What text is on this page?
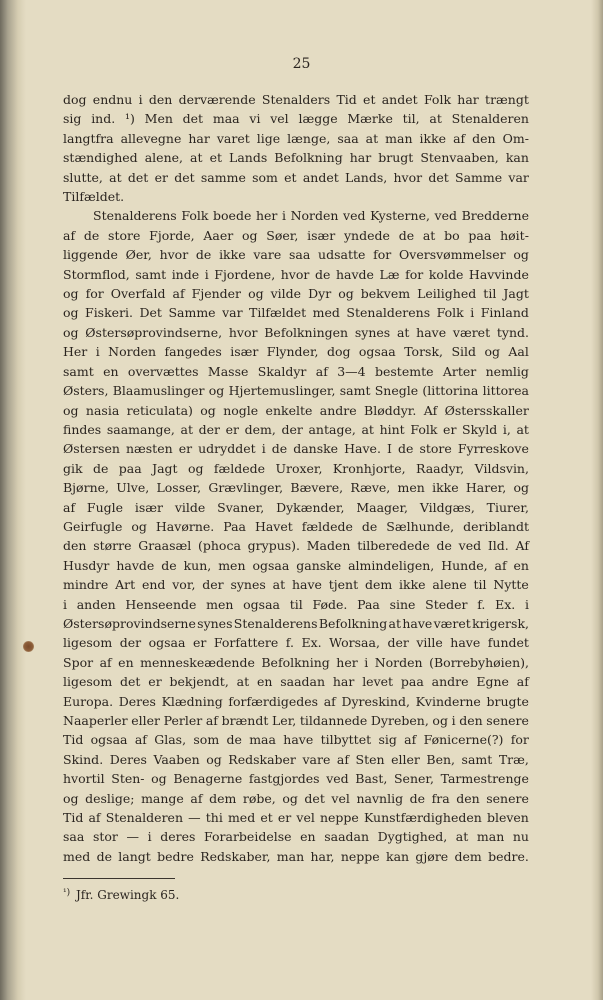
25
dog endnu i den derværende Stenalders Tid et andet Folk har trængt
sig ind. ¹) Men det maa vi vel lægge Mærke til, at Stenalderen
langtfra allevegne har varet lige længe, saa at man ikke af den Om-
stændighed alene, at et Lands Befolkning har brugt Stenvaaben, kan
slutte, at det er det samme som et andet Lands, hvor det Samme var
Tilfældet.
Stenalderens Folk boede her i Norden ved Kysterne, ved Bredderne
af de store Fjorde, Aaer og Søer, især yndede de at bo paa høit-
liggende Øer, hvor de ikke vare saa udsatte for Oversvømmelser og
Stormflod, samt inde i Fjordene, hvor de havde Læ for kolde Havvinde
og for Overfald af Fjender og vilde Dyr og bekvem Leilighed til Jagt
og Fiskeri. Det Samme var Tilfældet med Stenalderens Folk i Finland
og Østersøprovindserne, hvor Befolkningen synes at have været tynd.
Her i Norden fangedes især Flynder, dog ogsaa Torsk, Sild og Aal
samt en overvættes Masse Skaldyr af 3—4 bestemte Arter nemlig
Østers, Blaamuslinger og Hjertemuslinger, samt Snegle (littorina littorea
og nasia reticulata) og nogle enkelte andre Bløddyr. Af Østersskaller
findes saamange, at der er dem, der antage, at hint Folk er Skyld i, at
Østersen næsten er udryddet i de danske Have. I de store Fyrreskove
gik de paa Jagt og fældede Uroxer, Kronhjorte, Raadyr, Vildsvin,
Bjørne, Ulve, Losser, Grævlinger, Bævere, Ræve, men ikke Harer, og
af Fugle især vilde Svaner, Dykænder, Maager, Vildgæs, Tiurer,
Geirfugle og Havørne. Paa Havet fældede de Sælhunde, deriblandt
den større Graasæl (phoca grypus). Maden tilberedede de ved Ild. Af
Husdyr havde de kun, men ogsaa ganske almindeligen, Hunde, af en
mindre Art end vor, der synes at have tjent dem ikke alene til Nytte
i anden Henseende men ogsaa til Føde. Paa sine Steder f. Ex. i
Østersøprovindserne synes Stenalderens Befolkning at have været krigersk,
ligesom der ogsaa er Forfattere f. Ex. Worsaa, der ville have fundet
Spor af en menneskeædende Befolkning her i Norden (Borrebyhøien),
ligesom det er bekjendt, at en saadan har levet paa andre Egne af
Europa. Deres Klædning forfærdigedes af Dyreskind, Kvinderne brugte
Naaperler eller Perler af brændt Ler, tildannede Dyreben, og i den senere
Tid ogsaa af Glas, som de maa have tilbyttet sig af Fønicerne(?) for
Skind. Deres Vaaben og Redskaber vare af Sten eller Ben, samt Træ,
hvortil Sten- og Benagerne fastgjordes ved Bast, Sener, Tarmestrenge
og deslige; mange af dem røbe, og det vel navnlig de fra den senere
Tid af Stenalderen — thi med et er vel neppe Kunstfærdigheden bleven
saa stor — i deres Forarbeidelse en saadan Dygtighed, at man nu
med de langt bedre Redskaber, man har, neppe kan gjøre dem bedre.
$^{^1)}$ Jfr. Grewingk 65.
